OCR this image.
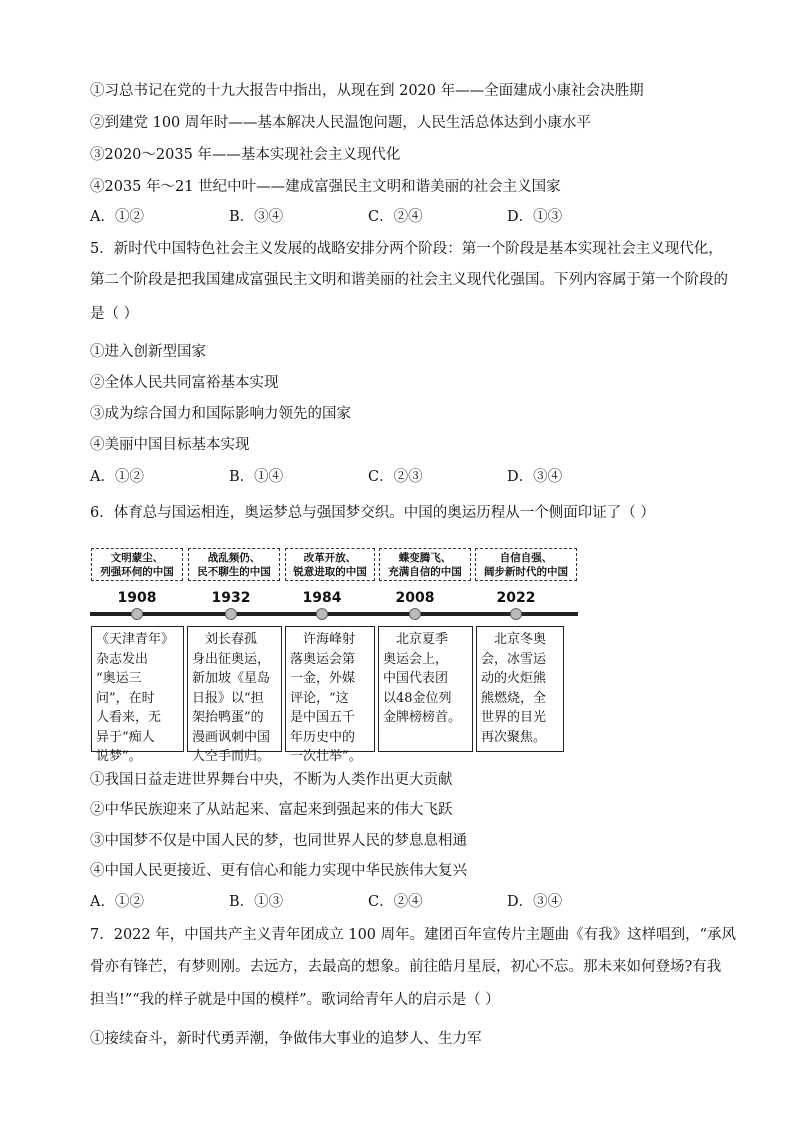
①习总书记在党的十九大报告中指出，从现在到 2020 年——全面建成小康社会决胜期
②到建党 100 周年时——基本解决人民温饱问题，人民生活总体达到小康水平
③2020～2035 年——基本实现社会主义现代化
④2035 年～21 世纪中叶——建成富强民主文明和谐美丽的社会主义国家
A．①②	B．③④	C．②④	D．①③
5．新时代中国特色社会主义发展的战略安排分两个阶段：第一个阶段是基本实现社会主义现代化，
第二个阶段是把我国建成富强民主文明和谐美丽的社会主义现代化强国。下列内容属于第一个阶段的
是（ ）
①进入创新型国家
②全体人民共同富裕基本实现
③成为综合国力和国际影响力领先的国家
④美丽中国目标基本实现
A．①②	B．①④	C．②③	D．③④
6．体育总与国运相连，奥运梦总与强国梦交织。中国的奥运历程从一个侧面印证了（ ）
文明蒙尘、
列强环伺的中国
战乱频仍、
民不聊生的中国
改革开放、
锐意进取的中国
蝶变腾飞、
充满自信的中国
自信自强、
阔步新时代的中国
1908	1932	1984	2008	2022
《天津青年》
杂志发出
“奥运三
问”，在时
人看来，无
异于“痴人
说梦”。
　刘长春孤
身出征奥运，
新加坡《星岛
日报》以“担
架抬鸭蛋”的
漫画讽刺中国
人空手而归。
　许海峰射
落奥运会第
一金，外媒
评论，“这
是中国五千
年历史中的
一次壮举”。
　北京夏季
奥运会上，
中国代表团
以48金位列
金牌榜榜首。
　北京冬奥
会，冰雪运
动的火炬熊
熊燃烧，全
世界的目光
再次聚焦。
①我国日益走进世界舞台中央，不断为人类作出更大贡献
②中华民族迎来了从站起来、富起来到强起来的伟大飞跃
③中国梦不仅是中国人民的梦，也同世界人民的梦息息相通
④中国人民更接近、更有信心和能力实现中华民族伟大复兴
A．①②	B．①③	C．②④	D．③④
7．2022 年，中国共产主义青年团成立 100 周年。建团百年宣传片主题曲《有我》这样唱到，“承风
骨亦有锋芒，有梦则刚。去远方，去最高的想象。前往皓月星辰，初心不忘。那未来如何登场?有我
担当!”“我的样子就是中国的模样”。歌词给青年人的启示是（ ）
①接续奋斗，新时代勇弄潮，争做伟大事业的追梦人、生力军
